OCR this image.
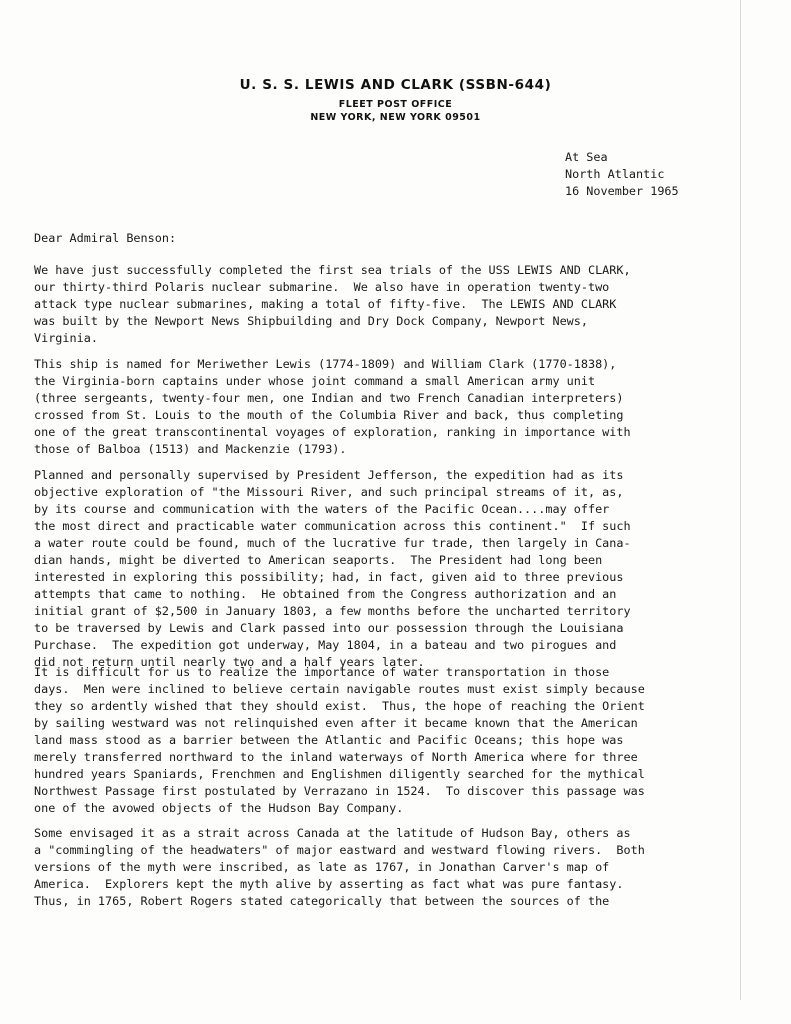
U. S. S. LEWIS AND CLARK (SSBN-644)
FLEET POST OFFICE
NEW YORK, NEW YORK 09501
At Sea
North Atlantic
16 November 1965
Dear Admiral Benson:
We have just successfully completed the first sea trials of the USS LEWIS AND CLARK,
our thirty-third Polaris nuclear submarine.  We also have in operation twenty-two
attack type nuclear submarines, making a total of fifty-five.  The LEWIS AND CLARK
was built by the Newport News Shipbuilding and Dry Dock Company, Newport News,
Virginia.
This ship is named for Meriwether Lewis (1774-1809) and William Clark (1770-1838),
the Virginia-born captains under whose joint command a small American army unit
(three sergeants, twenty-four men, one Indian and two French Canadian interpreters)
crossed from St. Louis to the mouth of the Columbia River and back, thus completing
one of the great transcontinental voyages of exploration, ranking in importance with
those of Balboa (1513) and Mackenzie (1793).
Planned and personally supervised by President Jefferson, the expedition had as its
objective exploration of "the Missouri River, and such principal streams of it, as,
by its course and communication with the waters of the Pacific Ocean....may offer
the most direct and practicable water communication across this continent."  If such
a water route could be found, much of the lucrative fur trade, then largely in Cana-
dian hands, might be diverted to American seaports.  The President had long been
interested in exploring this possibility; had, in fact, given aid to three previous
attempts that came to nothing.  He obtained from the Congress authorization and an
initial grant of $2,500 in January 1803, a few months before the uncharted territory
to be traversed by Lewis and Clark passed into our possession through the Louisiana
Purchase.  The expedition got underway, May 1804, in a bateau and two pirogues and
did not return until nearly two and a half years later.
It is difficult for us to realize the importance of water transportation in those
days.  Men were inclined to believe certain navigable routes must exist simply because
they so ardently wished that they should exist.  Thus, the hope of reaching the Orient
by sailing westward was not relinquished even after it became known that the American
land mass stood as a barrier between the Atlantic and Pacific Oceans; this hope was
merely transferred northward to the inland waterways of North America where for three
hundred years Spaniards, Frenchmen and Englishmen diligently searched for the mythical
Northwest Passage first postulated by Verrazano in 1524.  To discover this passage was
one of the avowed objects of the Hudson Bay Company.
Some envisaged it as a strait across Canada at the latitude of Hudson Bay, others as
a "commingling of the headwaters" of major eastward and westward flowing rivers.  Both
versions of the myth were inscribed, as late as 1767, in Jonathan Carver's map of
America.  Explorers kept the myth alive by asserting as fact what was pure fantasy.
Thus, in 1765, Robert Rogers stated categorically that between the sources of the
